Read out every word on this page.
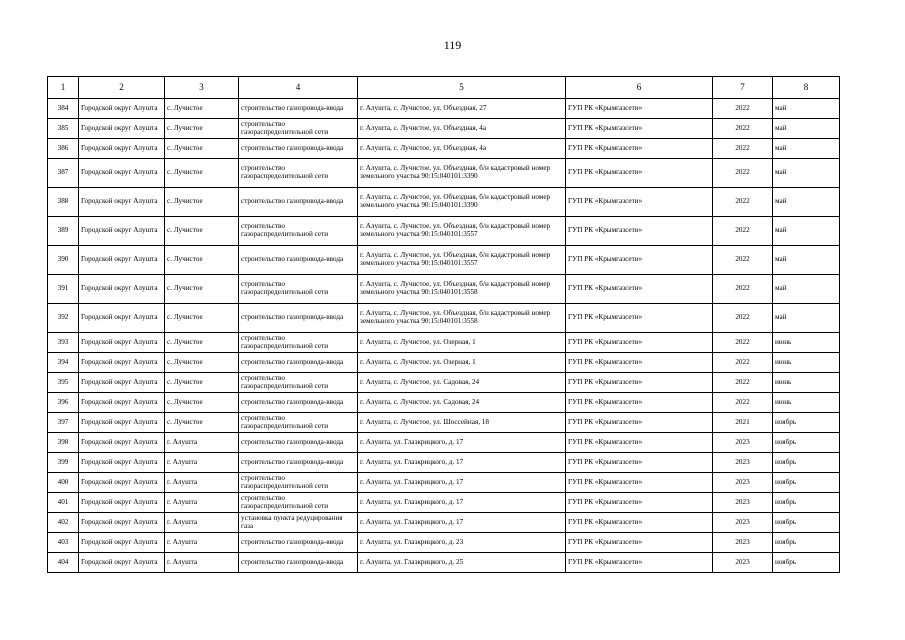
119
1	2	3	4	5	6	7	8
384	Городской округ Алушта	с. Лучистое	строительство газопровода-ввода	г. Алушта, с. Лучистое, ул. Объездная, 27	ГУП РК «Крымгазсети»	2022	май
385	Городской округ Алушта	с. Лучистое	строительство газораспределительной сети	г. Алушта, с. Лучистое, ул. Объездная, 4а	ГУП РК «Крымгазсети»	2022	май
386	Городской округ Алушта	с. Лучистое	строительство газопровода-ввода	г. Алушта, с. Лучистое, ул. Объездная, 4а	ГУП РК «Крымгазсети»	2022	май
387	Городской округ Алушта	с. Лучистое	строительство газораспределительной сети	г. Алушта, с. Лучистое, ул. Объездная, б/н кадастровый номер земельного участка 90:15:040101:3390	ГУП РК «Крымгазсети»	2022	май
388	Городской округ Алушта	с. Лучистое	строительство газопровода-ввода	г. Алушта, с. Лучистое, ул. Объездная, б/н кадастровый номер земельного участка 90:15:040101:3390	ГУП РК «Крымгазсети»	2022	май
389	Городской округ Алушта	с. Лучистое	строительство газораспределительной сети	г. Алушта, с. Лучистое, ул. Объездная, б/н кадастровый номер земельного участка 90:15:040101:3557	ГУП РК «Крымгазсети»	2022	май
390	Городской округ Алушта	с. Лучистое	строительство газопровода-ввода	г. Алушта, с. Лучистое, ул. Объездная, б/н кадастровый номер земельного участка 90:15:040101:3557	ГУП РК «Крымгазсети»	2022	май
391	Городской округ Алушта	с. Лучистое	строительство газораспределительной сети	г. Алушта, с. Лучистое, ул. Объездная, б/н кадастровый номер земельного участка 90:15:040101:3558	ГУП РК «Крымгазсети»	2022	май
392	Городской округ Алушта	с. Лучистое	строительство газопровода-ввода	г. Алушта, с. Лучистое, ул. Объездная, б/н кадастровый номер земельного участка 90:15:040101:3558	ГУП РК «Крымгазсети»	2022	май
393	Городской округ Алушта	с. Лучистое	строительство газораспределительной сети	г. Алушта, с. Лучистое, ул. Озерная, 1	ГУП РК «Крымгазсети»	2022	июнь
394	Городской округ Алушта	с. Лучистое	строительство газопровода-ввода	г. Алушта, с. Лучистое, ул. Озерная, 1	ГУП РК «Крымгазсети»	2022	июнь
395	Городской округ Алушта	с. Лучистое	строительство газораспределительной сети	г. Алушта, с. Лучистое, ул. Садовая, 24	ГУП РК «Крымгазсети»	2022	июнь
396	Городской округ Алушта	с. Лучистое	строительство газопровода-ввода	г. Алушта, с. Лучистое, ул. Садовая, 24	ГУП РК «Крымгазсети»	2022	июнь
397	Городской округ Алушта	с. Лучистое	строительство газораспределительной сети	г. Алушта, с. Лучистое, ул. Шоссейная, 18	ГУП РК «Крымгазсети»	2021	ноябрь
398	Городской округ Алушта	г. Алушта	строительство газопровода-ввода	г. Алушта, ул. Глазкрицкого, д. 17	ГУП РК «Крымгазсети»	2023	ноябрь
399	Городской округ Алушта	г. Алушта	строительство газопровода-ввода	г. Алушта, ул. Глазкрицкого, д. 17	ГУП РК «Крымгазсети»	2023	ноябрь
400	Городской округ Алушта	г. Алушта	строительство газораспределительной сети	г. Алушта, ул. Глазкрицкого, д. 17	ГУП РК «Крымгазсети»	2023	ноябрь
401	Городской округ Алушта	г. Алушта	строительство газораспределительной сети	г. Алушта, ул. Глазкрицкого, д. 17	ГУП РК «Крымгазсети»	2023	ноябрь
402	Городской округ Алушта	г. Алушта	установка пункта редуцирования газа	г. Алушта, ул. Глазкрицкого, д. 17	ГУП РК «Крымгазсети»	2023	ноябрь
403	Городской округ Алушта	г. Алушта	строительство газопровода-ввода	г. Алушта, ул. Глазкрицкого, д. 23	ГУП РК «Крымгазсети»	2023	ноябрь
404	Городской округ Алушта	г. Алушта	строительство газопровода-ввода	г. Алушта, ул. Глазкрицкого, д. 25	ГУП РК «Крымгазсети»	2023	ноябрь
